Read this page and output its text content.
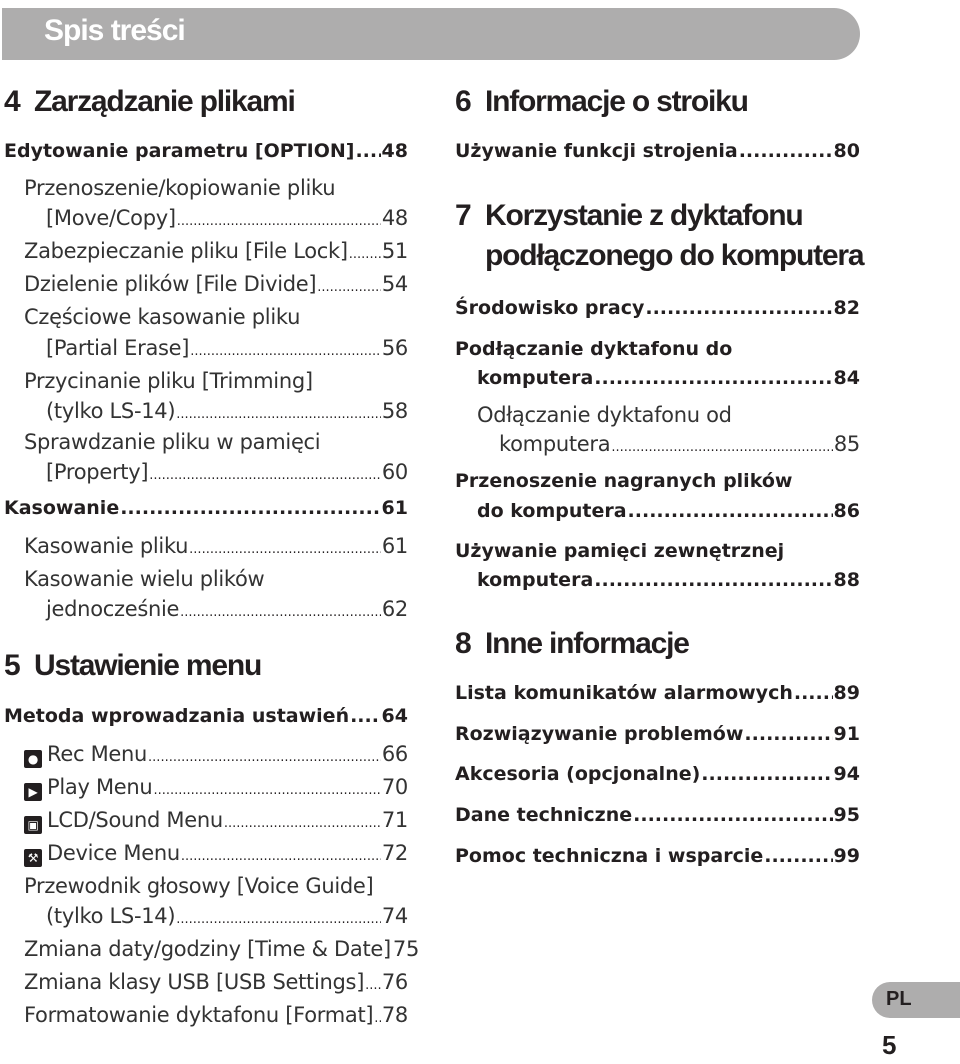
Spis treści
4 Zarządzanie plikami
Edytowanie parametru [OPTION] ..... 48
Przenoszenie/kopiowanie pliku
[Move/Copy] .....	48
Zabezpieczanie pliku [File Lock] ..... 51
Dzielenie plików [File Divide] .....	54
Częściowe kasowanie pliku
[Partial Erase] .....	56
Przycinanie pliku [Trimming]
(tylko LS-14) .....	58
Sprawdzanie pliku w pamięci
[Property] .....	60
Kasowanie .....	61
Kasowanie pliku .....	61
Kasowanie wielu plików
jednocześnie .....	62
5 Ustawienie menu
Metoda wprowadzania ustawień ..... 64
● Rec Menu .....	66
▶ Play Menu .....	70
▣ LCD/Sound Menu .....	71
⚒ Device Menu .....	72
Przewodnik głosowy [Voice Guide]
(tylko LS-14) .....	74
Zmiana daty/godziny [Time & Date] 75
Zmiana klasy USB [USB Settings] ..... 76
Formatowanie dyktafonu [Format] ..... 78
6 Informacje o stroiku
Używanie funkcji strojenia .....	80
7 Korzystanie z dyktafonu
podłączonego do komputera
Środowisko pracy .....	82
Podłączanie dyktafonu do
komputera .....	84
Odłączanie dyktafonu od
komputera .....	85
Przenoszenie nagranych plików
do komputera .....	86
Używanie pamięci zewnętrznej
komputera .....	88
8 Inne informacje
Lista komunikatów alarmowych ..... 89
Rozwiązywanie problemów .....	91
Akcesoria (opcjonalne) .....	94
Dane techniczne .....	95
Pomoc techniczna i wsparcie .....	99
PL
5
